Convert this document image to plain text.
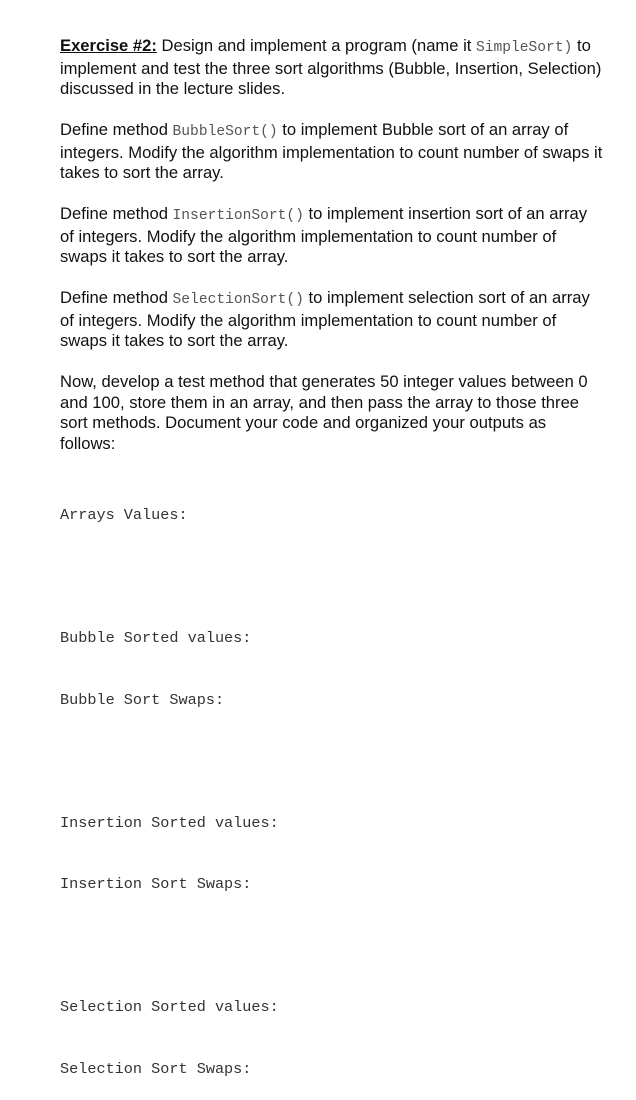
Exercise #2: Design and implement a program (name it SimpleSort) to implement and test the three sort algorithms (Bubble, Insertion, Selection) discussed in the lecture slides.

Define method BubbleSort() to implement Bubble sort of an array of integers. Modify the algorithm implementation to count number of swaps it takes to sort the array.

Define method InsertionSort() to implement insertion sort of an array of integers. Modify the algorithm implementation to count number of swaps it takes to sort the array.

Define method SelectionSort() to implement selection sort of an array of integers. Modify the algorithm implementation to count number of swaps it takes to sort the array.

Now, develop a test method that generates 50 integer values between 0 and 100, store them in an array, and then pass the array to those three sort methods. Document your code and organized your outputs as follows:

Arrays Values:

Bubble Sorted values:

Bubble Sort Swaps:

Insertion Sorted values:

Insertion Sort Swaps:

Selection Sorted values:

Selection Sort Swaps:
